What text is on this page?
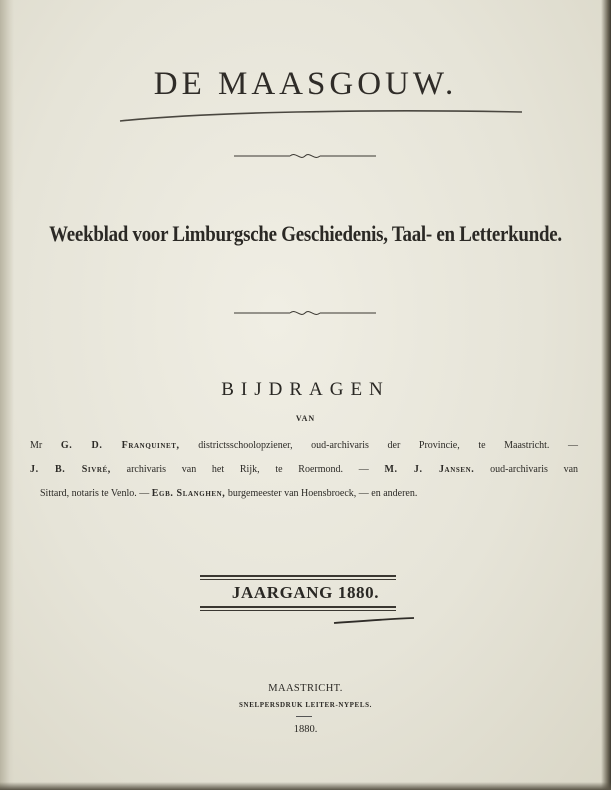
DE MAASGOUW.
Weekblad voor Limburgsche Geschiedenis, Taal- en Letterkunde.
BIJDRAGEN
VAN
Mr G. D. Franquinet, districtsschoolopziener, oud-archivaris der Provincie, te Maastricht. —
J. B. Sivré, archivaris van het Rijk, te Roermond. — M. J. Jansen. oud-archivaris van
Sittard, notaris te Venlo. — Egb. Slanghen, burgemeester van Hoensbroeck, — en anderen.
JAARGANG 1880.
MAASTRICHT.
SNELPERSDRUK LEITER-NYPELS.
1880.
